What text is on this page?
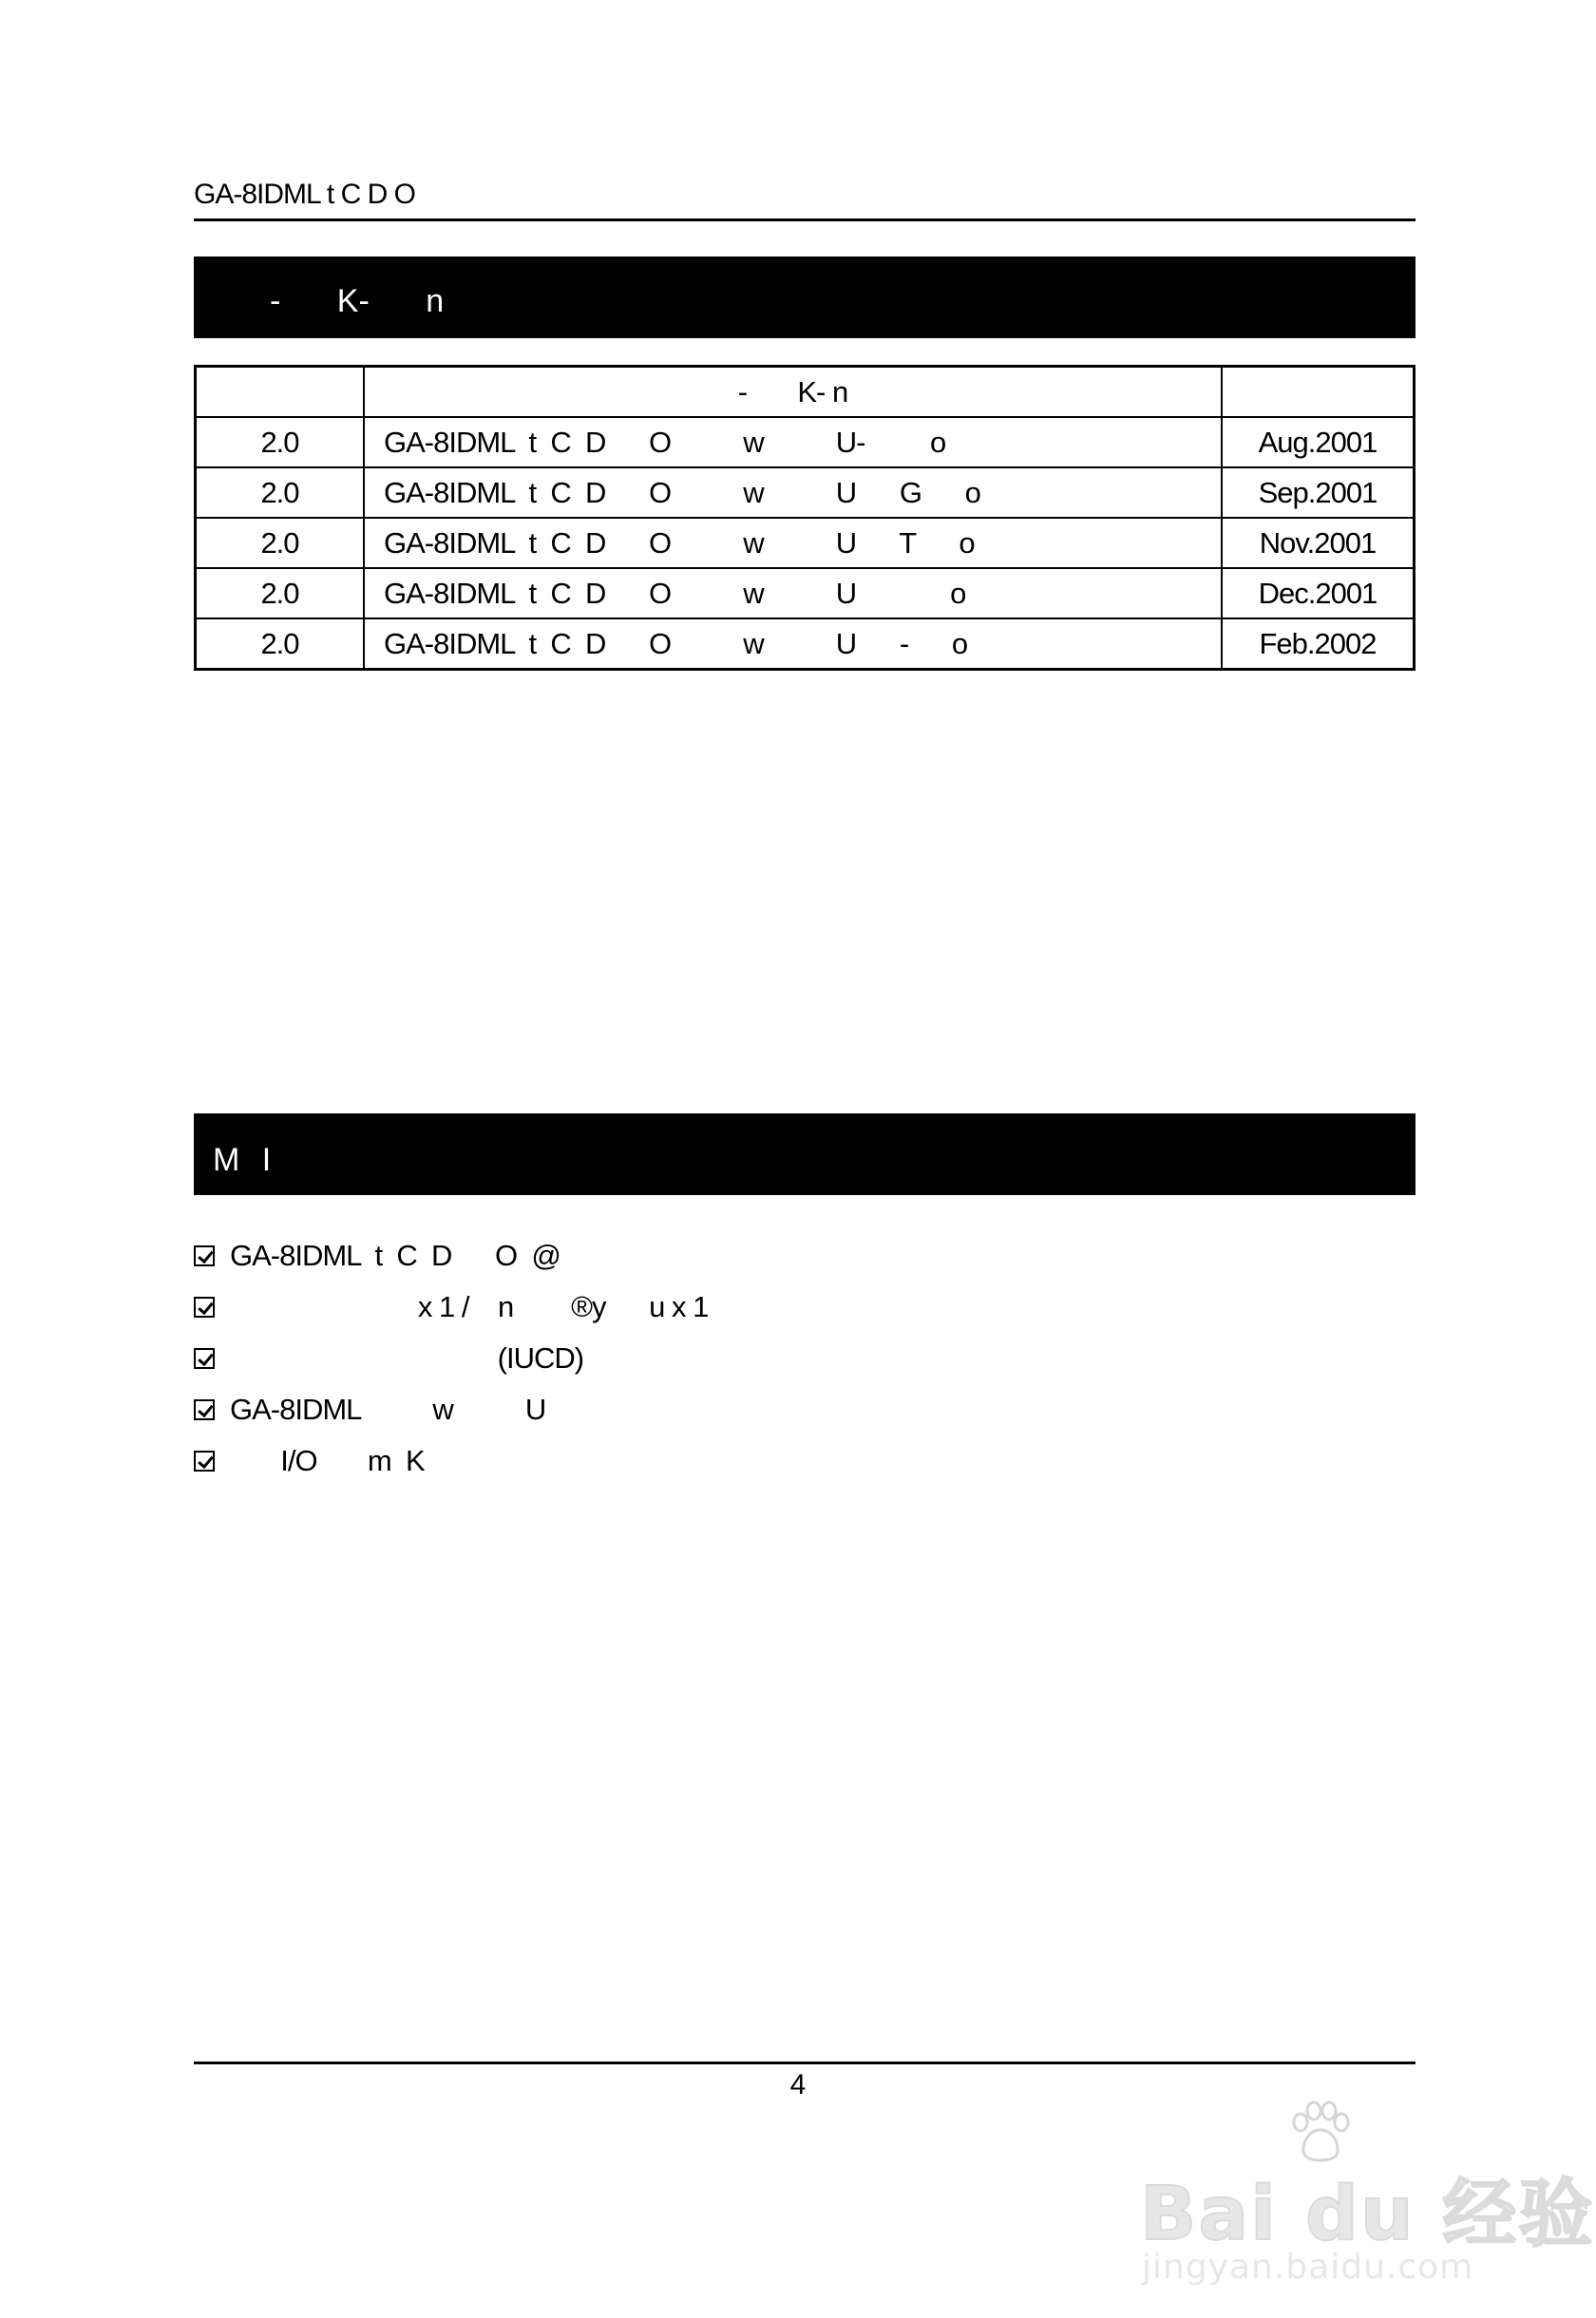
GA-8IDML t C D O
- K- n
	-       K- n	
2.0	GA-8IDML  t  C  D      O          w          U-         o	Aug.2001
2.0	GA-8IDML  t  C  D      O          w          U      G      o	Sep.2001
2.0	GA-8IDML  t  C  D      O          w          U      T      o	Nov.2001
2.0	GA-8IDML  t  C  D      O          w          U             o	Dec.2001
2.0	GA-8IDML  t  C  D      O          w          U      -      o	Feb.2002
M I
GA-8IDML  t  C  D      O  @
x 1 /    n        ®y      u x 1
(IUCD)
GA-8IDML          w          U
I/O       m  K
4
Bai du 经验
jingyan.baidu.com
